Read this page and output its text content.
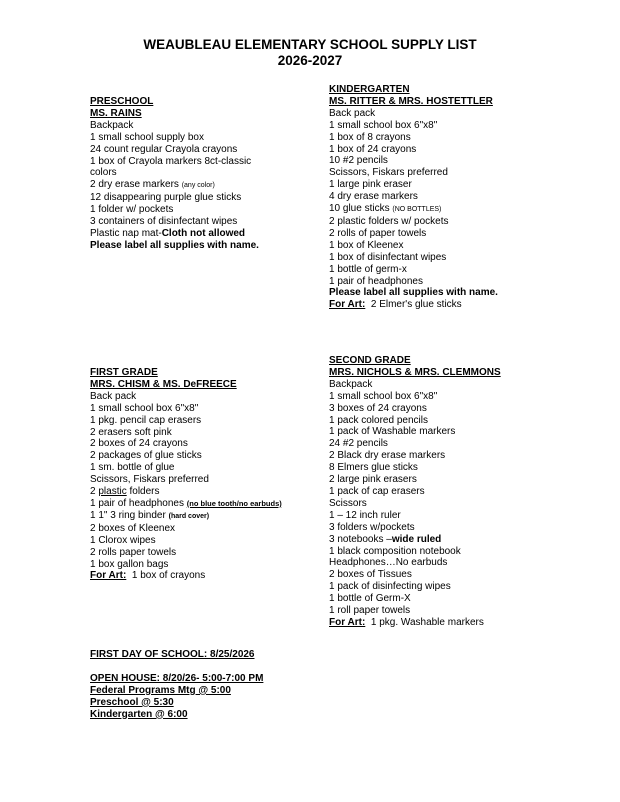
WEAUBLEAU ELEMENTARY SCHOOL SUPPLY LIST
2026-2027
PRESCHOOL
MS. RAINS
Backpack
1 small school supply box
24 count regular Crayola crayons
1 box of Crayola markers 8ct-classic
colors
2 dry erase markers (any color)
12 disappearing purple glue sticks
1 folder w/ pockets
3 containers of disinfectant wipes
Plastic nap mat-Cloth not allowed
Please label all supplies with name.
KINDERGARTEN
MS. RITTER & MRS. HOSTETTLER
Back pack
1 small school box 6"x8"
1 box of 8 crayons
1 box of 24 crayons
10 #2 pencils
Scissors, Fiskars preferred
1 large pink eraser
4 dry erase markers
10 glue sticks (NO BOTTLES)
2 plastic folders w/ pockets
2 rolls of paper towels
1 box of Kleenex
1 box of disinfectant wipes
1 bottle of germ-x
1 pair of headphones
Please label all supplies with name.
For Art:  2 Elmer's glue sticks
FIRST GRADE
MRS. CHISM & MS. DeFREECE
Back pack
1 small school box 6"x8"
1 pkg. pencil cap erasers
2 erasers soft pink
2 boxes of 24 crayons
2 packages of glue sticks
1 sm. bottle of glue
Scissors, Fiskars preferred
2 plastic folders
1 pair of headphones (no blue tooth/no earbuds)
1 1" 3 ring binder (hard cover)
2 boxes of Kleenex
1 Clorox wipes
2 rolls paper towels
1 box gallon bags
For Art:  1 box of crayons
SECOND GRADE
MRS. NICHOLS & MRS. CLEMMONS
Backpack
1 small school box 6"x8"
3 boxes of 24 crayons
1 pack colored pencils
1 pack of Washable markers
24 #2 pencils
2 Black dry erase markers
8 Elmers glue sticks
2 large pink erasers
1 pack of cap erasers
Scissors
1 – 12 inch ruler
3 folders w/pockets
3 notebooks –wide ruled
1 black composition notebook
Headphones…No earbuds
2 boxes of Tissues
1 pack of disinfecting wipes
1 bottle of Germ-X
1 roll paper towels
For Art:  1 pkg. Washable markers
FIRST DAY OF SCHOOL: 8/25/2026
OPEN HOUSE: 8/20/26- 5:00-7:00 PM
Federal Programs Mtg @ 5:00
Preschool @ 5:30
Kindergarten @ 6:00
